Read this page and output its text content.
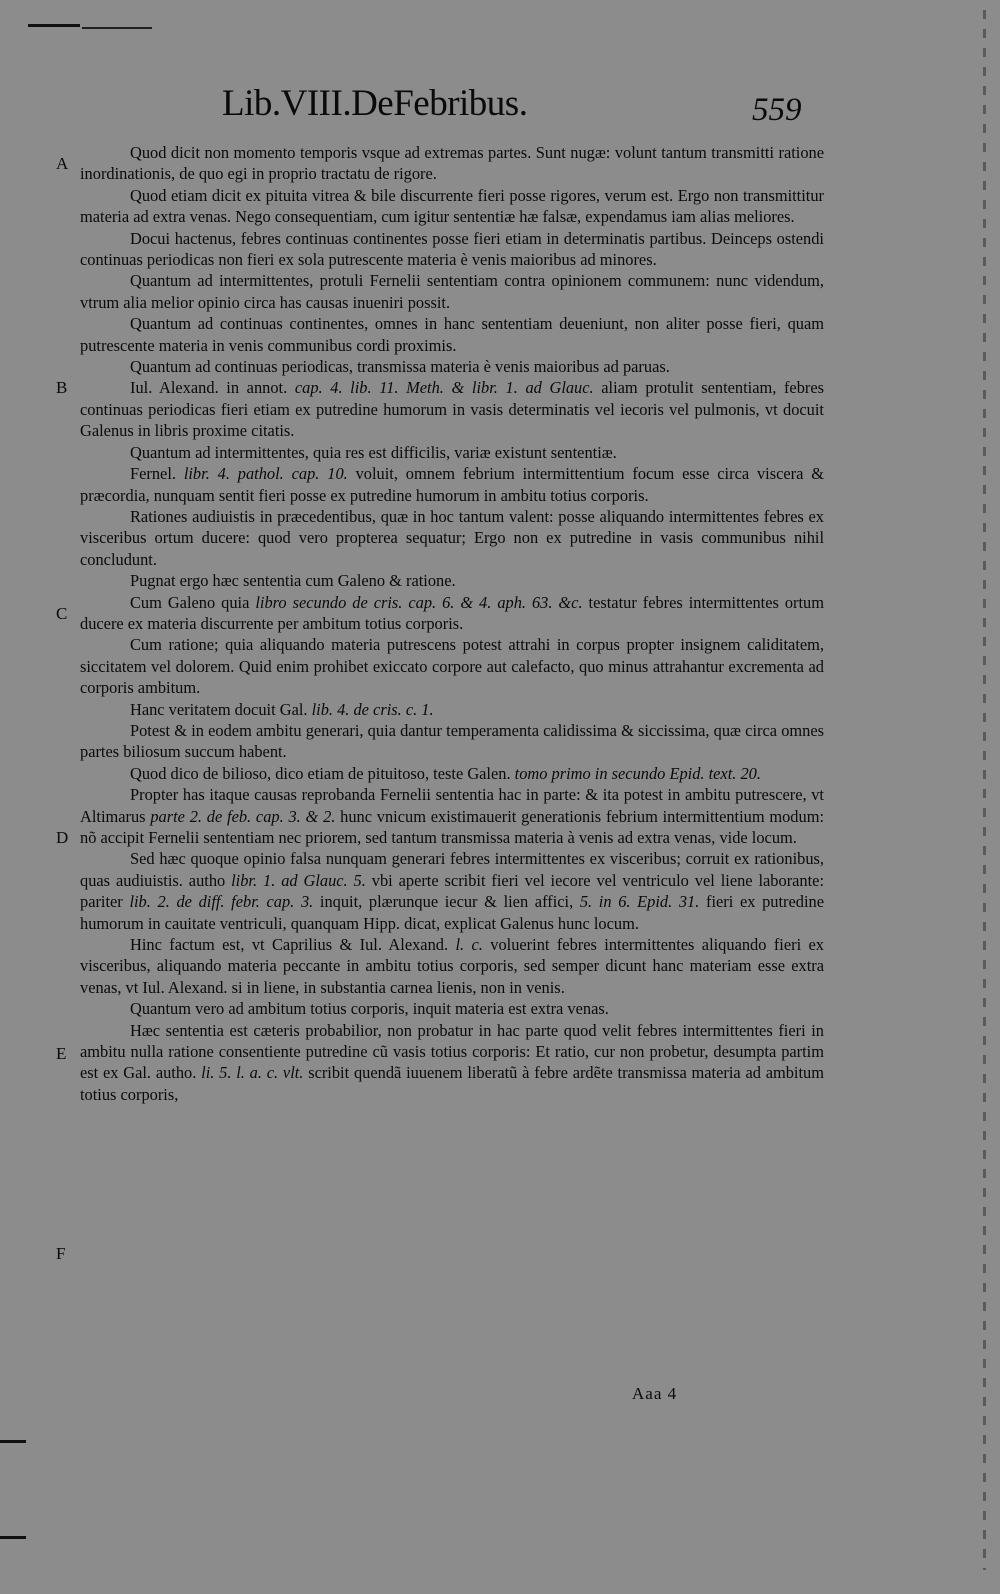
Lib.VIII.DeFebribus.	559
A
B
C
D
E
F

Quod dicit non momento temporis vsque ad extremas partes. Sunt nugæ: volunt tantum transmitti ratione inordinationis, de quo egi in proprio tractatu de rigore.

Quod etiam dicit ex pituita vitrea & bile discurrente fieri posse rigores, verum est. Ergo non transmittitur materia ad extra venas. Nego consequentiam, cum igitur sententiæ hæ falsæ, expendamus iam alias meliores.

Docui hactenus, febres continuas continentes posse fieri etiam in determinatis partibus. Deinceps ostendi continuas periodicas non fieri ex sola putrescente materia è venis maioribus ad minores.

Quantum ad intermittentes, protuli Fernelii sententiam contra opinionem communem: nunc videndum, vtrum alia melior opinio circa has causas inueniri possit.

Quantum ad continuas continentes, omnes in hanc sententiam deueniunt, non aliter posse fieri, quam putrescente materia in venis communibus cordi proximis.

Quantum ad continuas periodicas, transmissa materia è venis maioribus ad paruas.

Iul. Alexand. in annot. cap. 4. lib. 11. Meth. & libr. 1. ad Glauc. aliam protulit sententiam, febres continuas periodicas fieri etiam ex putredine humorum in vasis determinatis vel iecoris vel pulmonis, vt docuit Galenus in libris proxime citatis.

Quantum ad intermittentes, quia res est difficilis, variæ existunt sententiæ.

Fernel. libr. 4. pathol. cap. 10. voluit, omnem febrium intermittentium focum esse circa viscera & præcordia, nunquam sentit fieri posse ex putredine humorum in ambitu totius corporis.

Rationes audiuistis in præcedentibus, quæ in hoc tantum valent: posse aliquando intermittentes febres ex visceribus ortum ducere: quod vero propterea sequatur; Ergo non ex putredine in vasis communibus nihil concludunt.

Pugnat ergo hæc sententia cum Galeno & ratione.

Cum Galeno quia libro secundo de cris. cap. 6. & 4. aph. 63. &c. testatur febres intermittentes ortum ducere ex materia discurrente per ambitum totius corporis.

Cum ratione; quia aliquando materia putrescens potest attrahi in corpus propter insignem caliditatem, siccitatem vel dolorem. Quid enim prohibet exiccato corpore aut calefacto, quo minus attrahantur excrementa ad corporis ambitum.

Hanc veritatem docuit Gal. lib. 4. de cris. c. 1.

Potest & in eodem ambitu generari, quia dantur temperamenta calidissima & siccissima, quæ circa omnes partes biliosum succum habent.

Quod dico de bilioso, dico etiam de pituitoso, teste Galen. tomo primo in secundo Epid. text. 20.

Propter has itaque causas reprobanda Fernelii sententia hac in parte: & ita potest in ambitu putrescere, vt Altimarus parte 2. de feb. cap. 3. & 2. hunc vnicum existimauerit generationis febrium intermittentium modum: nõ accipit Fernelii sententiam nec priorem, sed tantum transmissa materia à venis ad extra venas, vide locum.

Sed hæc quoque opinio falsa nunquam generari febres intermittentes ex visceribus; corruit ex rationibus, quas audiuistis. autho libr. 1. ad Glauc. 5. vbi aperte scribit fieri vel iecore vel ventriculo vel liene laborante: pariter lib. 2. de diff. febr. cap. 3. inquit, plærunque iecur & lien affici, 5. in 6. Epid. 31. fieri ex putredine humorum in cauitate ventriculi, quanquam Hipp. dicat, explicat Galenus hunc locum.

Hinc factum est, vt Caprilius & Iul. Alexand. l. c. voluerint febres intermittentes aliquando fieri ex visceribus, aliquando materia peccante in ambitu totius corporis, sed semper dicunt hanc materiam esse extra venas, vt Iul. Alexand. si in liene, in substantia carnea lienis, non in venis.

Quantum vero ad ambitum totius corporis, inquit materia est extra venas.

Hæc sententia est cæteris probabilior, non probatur in hac parte quod velit febres intermittentes fieri in ambitu nulla ratione consentiente putredine cũ vasis totius corporis: Et ratio, cur non probetur, desumpta partim est ex Gal. autho. li. 5. l. a. c. vlt. scribit quendã iuuenem liberatũ à febre ardẽte transmissa materia ad ambitum totius corporis,

Aaa 4
